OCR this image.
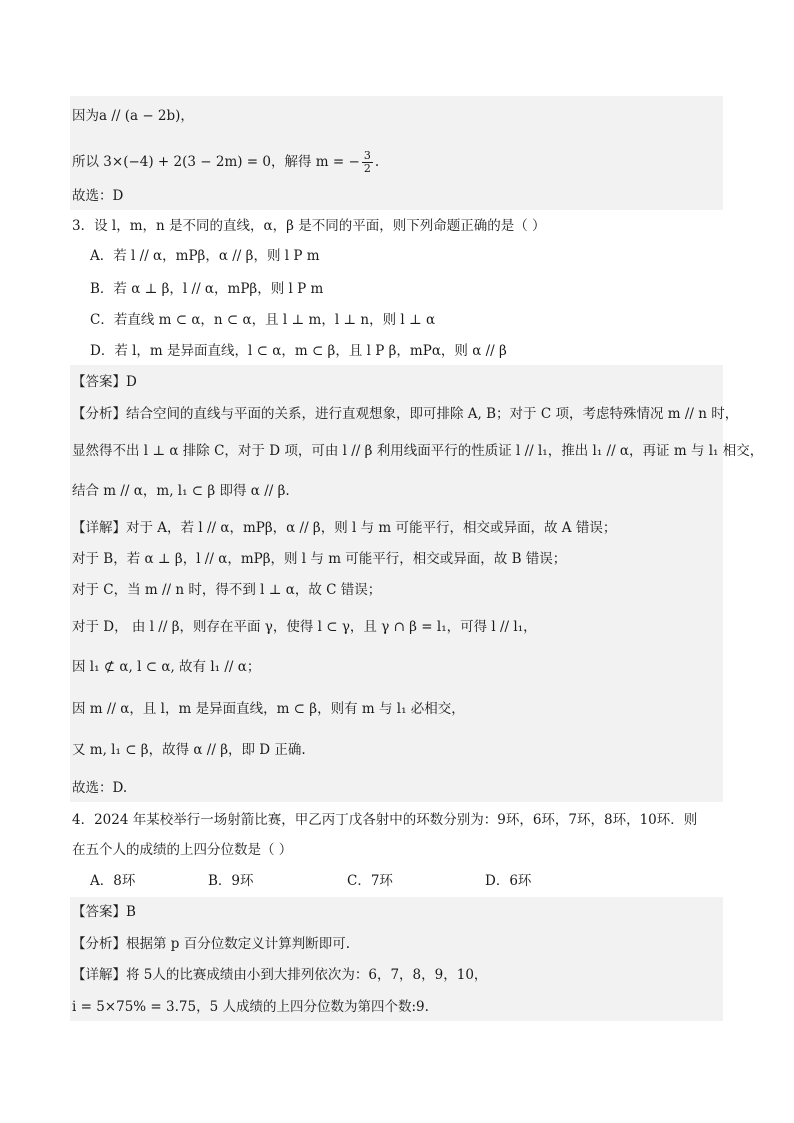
因为a // (a − 2b)，
所以 3×(−4) + 2(3 − 2m) = 0，解得 m = − $\frac{3}{2}$ .
故选：D
3．设 l，m，n 是不同的直线，α，β 是不同的平面，则下列命题正确的是（ ）
A．若 l // α，mPβ，α // β，则 l P m
B．若 α ⊥ β，l // α，mPβ，则 l P m
C．若直线 m ⊂ α，n ⊂ α，且 l ⊥ m，l ⊥ n，则 l ⊥ α
D．若 l，m 是异面直线，l ⊂ α，m ⊂ β，且 l P β，mPα，则 α // β
【答案】D
【分析】结合空间的直线与平面的关系，进行直观想象，即可排除 A, B；对于 C 项，考虑特殊情况 m // n 时，
显然得不出 l ⊥ α 排除 C，对于 D 项，可由 l // β 利用线面平行的性质证 l // l₁，推出 l₁ // α，再证 m 与 l₁ 相交，
结合 m // α，m, l₁ ⊂ β 即得 α // β.
【详解】对于 A，若 l // α，mPβ，α // β，则 l 与 m 可能平行，相交或异面，故 A 错误；
对于 B，若 α ⊥ β，l // α，mPβ，则 l 与 m 可能平行，相交或异面，故 B 错误；
对于 C，当 m // n 时，得不到 l ⊥ α，故 C 错误；
对于 D， 由 l // β，则存在平面 γ，使得 l ⊂ γ，且 γ ∩ β = l₁，可得 l // l₁，
因 l₁ ⊄ α, l ⊂ α, 故有 l₁ // α；
因 m // α，且 l，m 是异面直线，m ⊂ β，则有 m 与 l₁ 必相交，
又 m, l₁ ⊂ β，故得 α // β，即 D 正确.
故选：D.
4．2024 年某校举行一场射箭比赛，甲乙丙丁戊各射中的环数分别为：9环，6环，7环，8环，10环．则
在五个人的成绩的上四分位数是（ ）
A．8环	B．9环	C．7环	D．6环
【答案】B
【分析】根据第 p 百分位数定义计算判断即可.
【详解】将 5人的比赛成绩由小到大排列依次为：6，7，8，9，10，
i = 5×75% = 3.75，5 人成绩的上四分位数为第四个数:9.
